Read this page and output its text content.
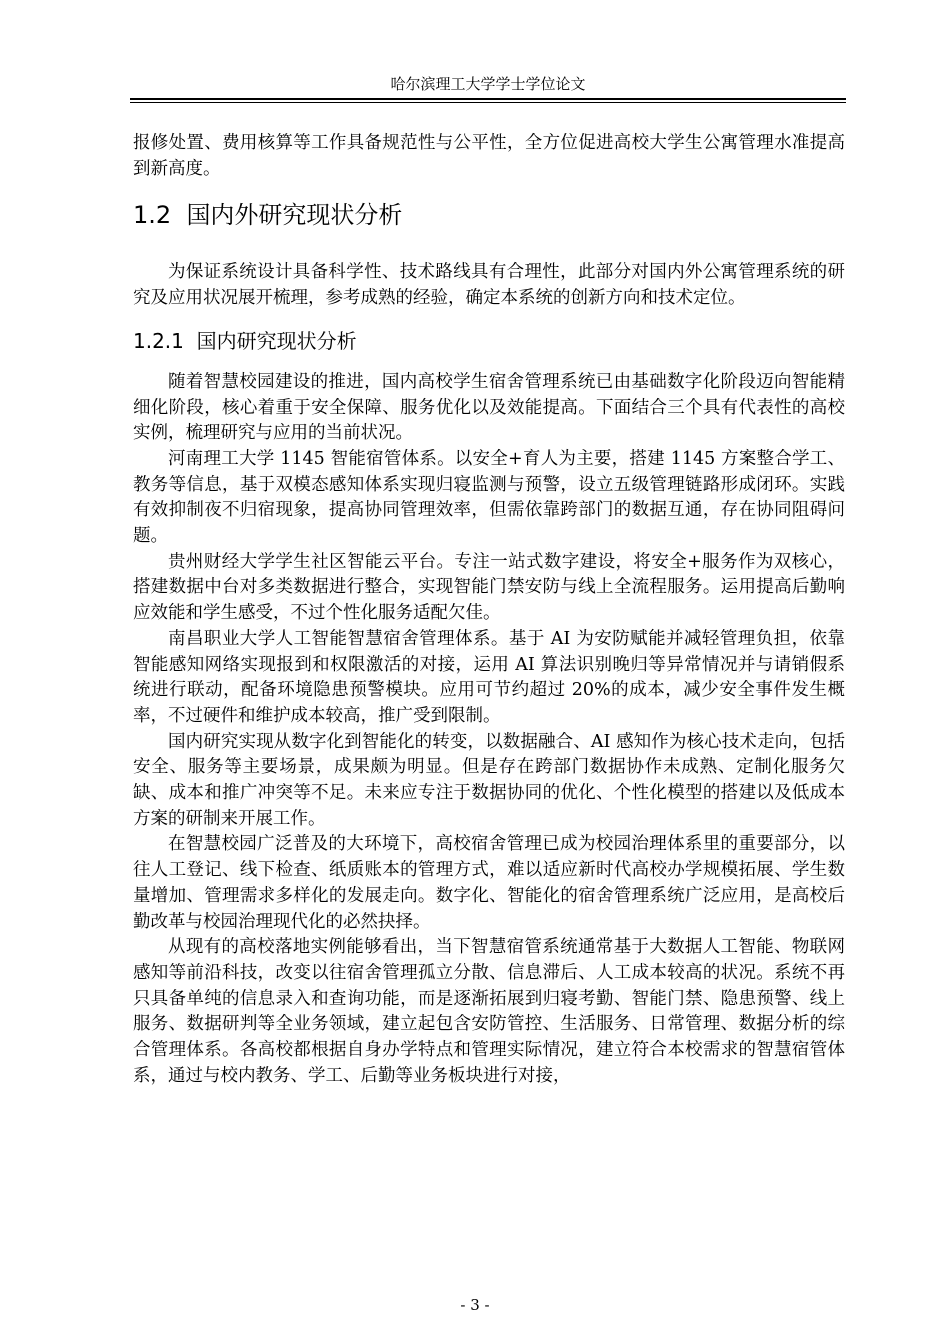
哈尔滨理工大学学士学位论文

报修处置、费用核算等工作具备规范性与公平性，全方位促进高校大学生公寓管理水准提高到新高度。

1.2 国内外研究现状分析

为保证系统设计具备科学性、技术路线具有合理性，此部分对国内外公寓管理系统的研究及应用状况展开梳理，参考成熟的经验，确定本系统的创新方向和技术定位。

1.2.1 国内研究现状分析

随着智慧校园建设的推进，国内高校学生宿舍管理系统已由基础数字化阶段迈向智能精细化阶段，核心着重于安全保障、服务优化以及效能提高。下面结合三个具有代表性的高校实例，梳理研究与应用的当前状况。

河南理工大学 1145 智能宿管体系。以安全+育人为主要，搭建 1145 方案整合学工、教务等信息，基于双模态感知体系实现归寝监测与预警，设立五级管理链路形成闭环。实践有效抑制夜不归宿现象，提高协同管理效率，但需依靠跨部门的数据互通，存在协同阻碍问题。

贵州财经大学学生社区智能云平台。专注一站式数字建设，将安全+服务作为双核心，搭建数据中台对多类数据进行整合，实现智能门禁安防与线上全流程服务。运用提高后勤响应效能和学生感受，不过个性化服务适配欠佳。

南昌职业大学人工智能智慧宿舍管理体系。基于 AI 为安防赋能并减轻管理负担，依靠智能感知网络实现报到和权限激活的对接，运用 AI 算法识别晚归等异常情况并与请销假系统进行联动，配备环境隐患预警模块。应用可节约超过 20%的成本，减少安全事件发生概率，不过硬件和维护成本较高，推广受到限制。

国内研究实现从数字化到智能化的转变，以数据融合、AI 感知作为核心技术走向，包括安全、服务等主要场景，成果颇为明显。但是存在跨部门数据协作未成熟、定制化服务欠缺、成本和推广冲突等不足。未来应专注于数据协同的优化、个性化模型的搭建以及低成本方案的研制来开展工作。

在智慧校园广泛普及的大环境下，高校宿舍管理已成为校园治理体系里的重要部分，以往人工登记、线下检查、纸质账本的管理方式，难以适应新时代高校办学规模拓展、学生数量增加、管理需求多样化的发展走向。数字化、智能化的宿舍管理系统广泛应用，是高校后勤改革与校园治理现代化的必然抉择。

从现有的高校落地实例能够看出，当下智慧宿管系统通常基于大数据人工智能、物联网感知等前沿科技，改变以往宿舍管理孤立分散、信息滞后、人工成本较高的状况。系统不再只具备单纯的信息录入和查询功能，而是逐渐拓展到归寝考勤、智能门禁、隐患预警、线上服务、数据研判等全业务领域，建立起包含安防管控、生活服务、日常管理、数据分析的综合管理体系。各高校都根据自身办学特点和管理实际情况，建立符合本校需求的智慧宿管体系，通过与校内教务、学工、后勤等业务板块进行对接，

- 3 -
